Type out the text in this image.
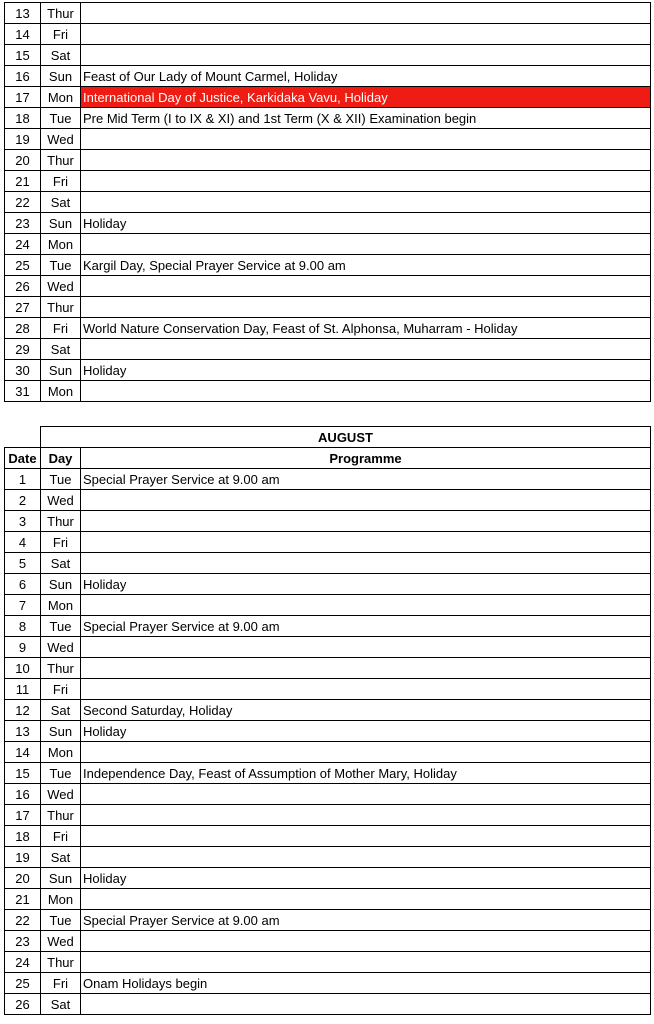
13	Thur	
14	Fri	
15	Sat	
16	Sun	Feast of Our Lady of Mount Carmel, Holiday
17	Mon	International Day of Justice, Karkidaka Vavu, Holiday
18	Tue	Pre Mid Term (I to IX & XI) and 1st Term (X & XII) Examination begin
19	Wed	
20	Thur	
21	Fri	
22	Sat	
23	Sun	Holiday
24	Mon	
25	Tue	Kargil Day, Special Prayer Service at 9.00 am
26	Wed	
27	Thur	
28	Fri	World Nature Conservation Day, Feast of St. Alphonsa, Muharram - Holiday
29	Sat	
30	Sun	Holiday
31	Mon	
	AUGUST	
Date	Day	Programme
1	Tue	Special Prayer Service at 9.00 am
2	Wed	
3	Thur	
4	Fri	
5	Sat	
6	Sun	Holiday
7	Mon	
8	Tue	Special Prayer Service at 9.00 am
9	Wed	
10	Thur	
11	Fri	
12	Sat	Second Saturday, Holiday
13	Sun	Holiday
14	Mon	
15	Tue	Independence Day, Feast of Assumption of Mother Mary, Holiday
16	Wed	
17	Thur	
18	Fri	
19	Sat	
20	Sun	Holiday
21	Mon	
22	Tue	Special Prayer Service at 9.00 am
23	Wed	
24	Thur	
25	Fri	Onam Holidays begin
26	Sat	
